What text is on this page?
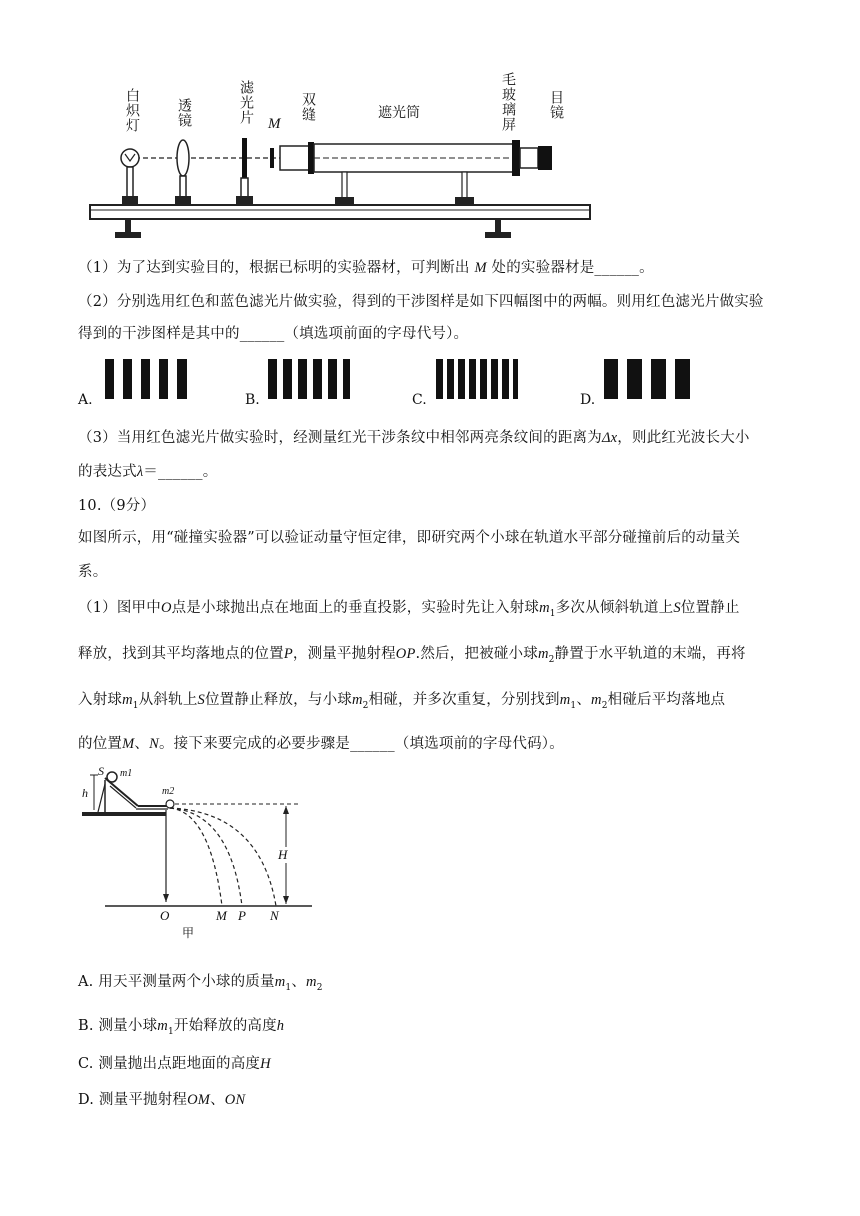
白炽灯	透镜	滤光片 M
双缝	遮光筒	毛玻璃屏 目镜
（1）为了达到实验目的，根据已标明的实验器材，可判断出 M 处的实验器材是______。
（2）分别选用红色和蓝色滤光片做实验，得到的干涉图样是如下四幅图中的两幅。则用红色滤光片做实验
得到的干涉图样是其中的______（填选项前面的字母代号）。
A.	B.	C.	D.
（3）当用红色滤光片做实验时，经测量红光干涉条纹中相邻两亮条纹间的距离为Δx，则此红光波长大小
的表达式λ＝______。
10.（9分）
如图所示，用“碰撞实验器”可以验证动量守恒定律，即研究两个小球在轨道水平部分碰撞前后的动量关
系。
（1）图甲中O点是小球抛出点在地面上的垂直投影，实验时先让入射球$m_1$多次从倾斜轨道上S位置静止
释放，找到其平均落地点的位置P，测量平抛射程OP.然后，把被碰小球$m_2$静置于水平轨道的末端，再将
入射球$m_1$从斜轨上S位置静止释放，与小球$m_2$相碰，并多次重复，分别找到$m_1$、$m_2$相碰后平均落地点
的位置M、N。接下来要完成的必要步骤是______（填选项前的字母代码）。
S m1
h	m2
H
O	M P N
甲
A. 用天平测量两个小球的质量$m_1$、$m_2$
B. 测量小球$m_1$开始释放的高度h
C. 测量抛出点距地面的高度H
D. 测量平抛射程OM、ON
